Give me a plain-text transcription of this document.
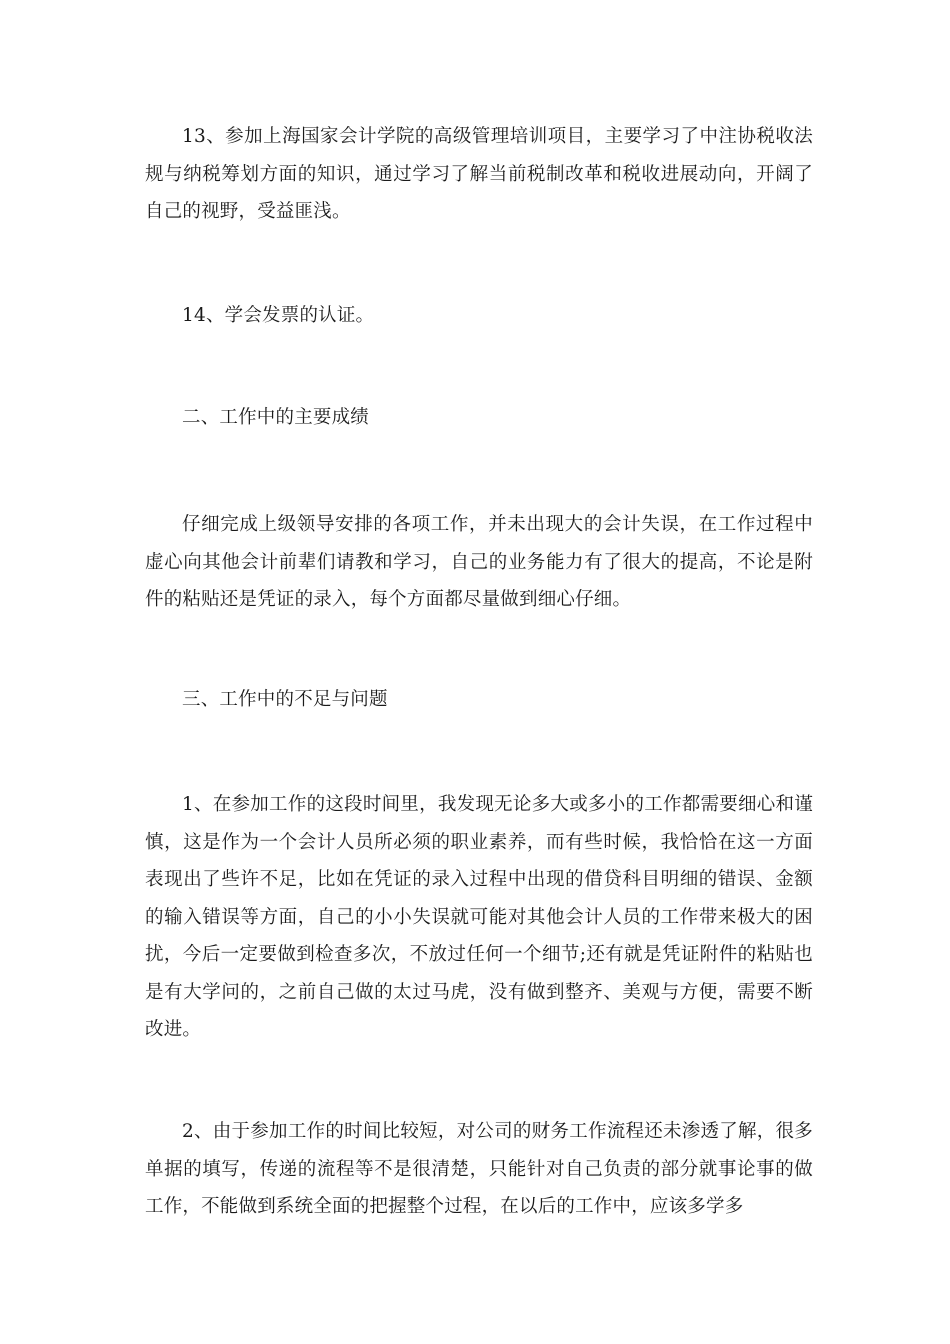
13、参加上海国家会计学院的高级管理培训项目，主要学习了中注协税收法规与纳税筹划方面的知识，通过学习了解当前税制改革和税收进展动向，开阔了自己的视野，受益匪浅。

14、学会发票的认证。

二、工作中的主要成绩

仔细完成上级领导安排的各项工作，并未出现大的会计失误，在工作过程中虚心向其他会计前辈们请教和学习，自己的业务能力有了很大的提高，不论是附件的粘贴还是凭证的录入，每个方面都尽量做到细心仔细。

三、工作中的不足与问题

1、在参加工作的这段时间里，我发现无论多大或多小的工作都需要细心和谨慎，这是作为一个会计人员所必须的职业素养，而有些时候，我恰恰在这一方面表现出了些许不足，比如在凭证的录入过程中出现的借贷科目明细的错误、金额的输入错误等方面，自己的小小失误就可能对其他会计人员的工作带来极大的困扰，今后一定要做到检查多次，不放过任何一个细节;还有就是凭证附件的粘贴也是有大学问的，之前自己做的太过马虎，没有做到整齐、美观与方便，需要不断改进。

2、由于参加工作的时间比较短，对公司的财务工作流程还未渗透了解，很多单据的填写，传递的流程等不是很清楚，只能针对自己负责的部分就事论事的做工作，不能做到系统全面的把握整个过程，在以后的工作中，应该多学多
